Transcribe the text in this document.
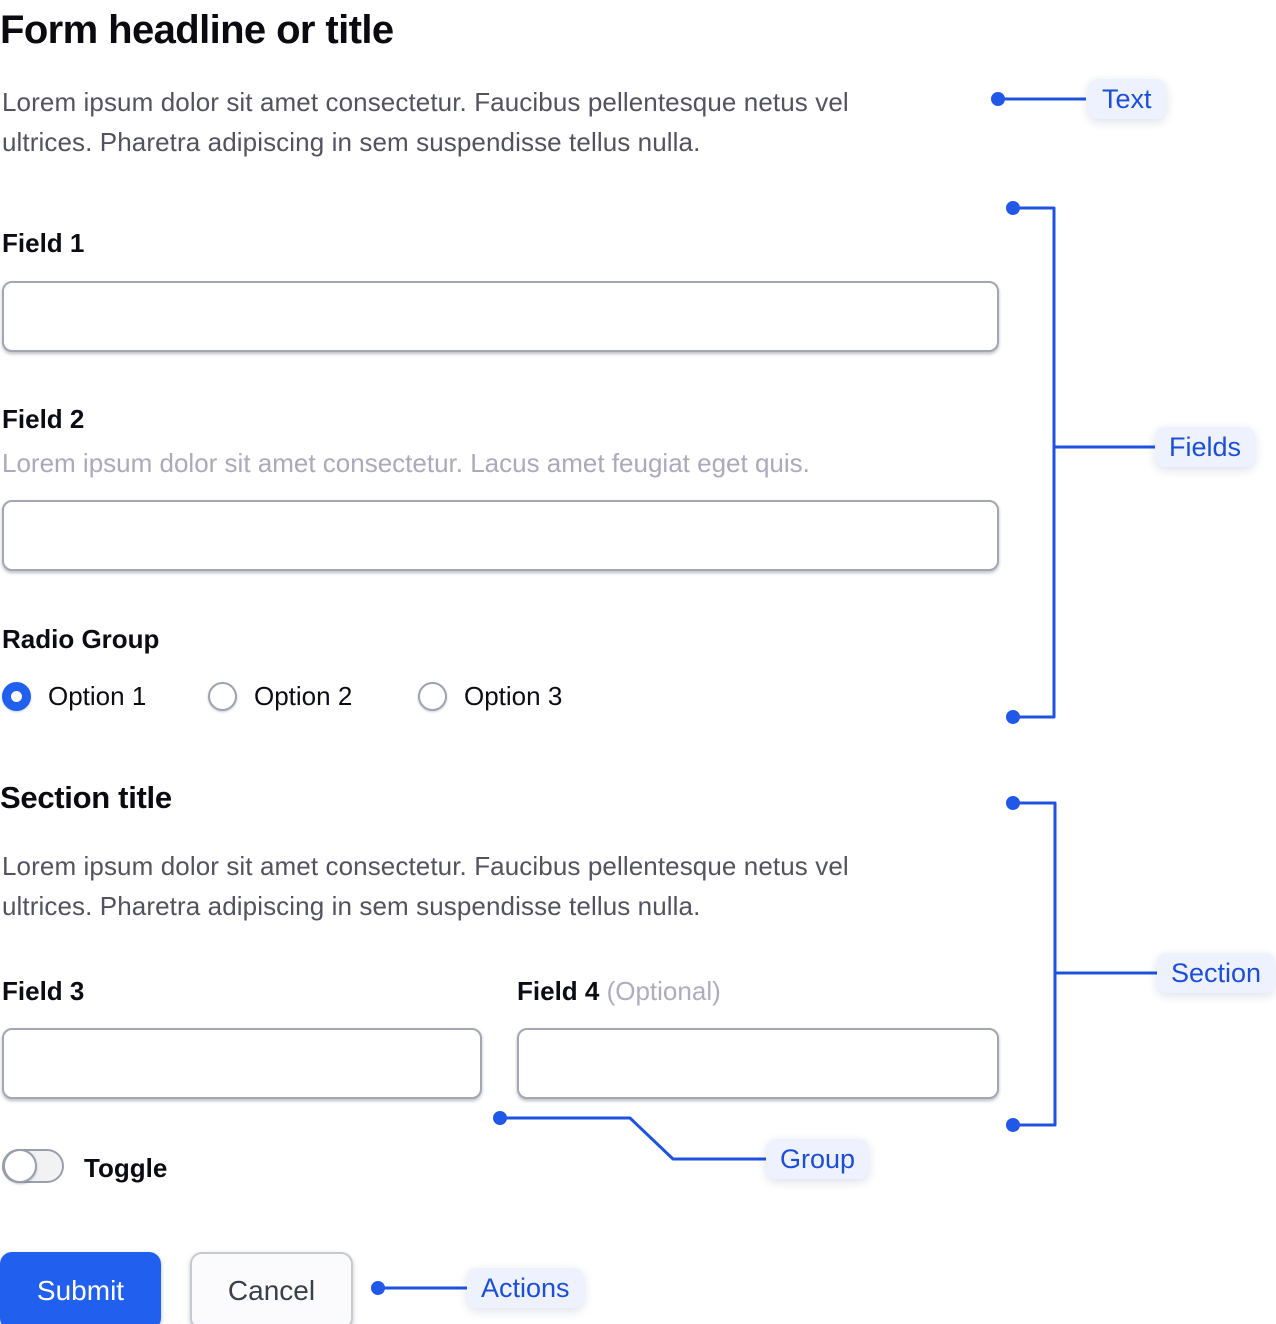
Form headline or title
Lorem ipsum dolor sit amet consectetur. Faucibus pellentesque netus vel ultrices. Pharetra adipiscing in sem suspendisse tellus nulla.
Field 1
Field 2
Lorem ipsum dolor sit amet consectetur. Lacus amet feugiat eget quis.
Radio Group
Option 1	Option 2	Option 3
Section title
Lorem ipsum dolor sit amet consectetur. Faucibus pellentesque netus vel ultrices. Pharetra adipiscing in sem suspendisse tellus nulla.
Field 3	Field 4 (Optional)
Toggle
Submit	Cancel
Text
Fields
Section
Group
Actions
